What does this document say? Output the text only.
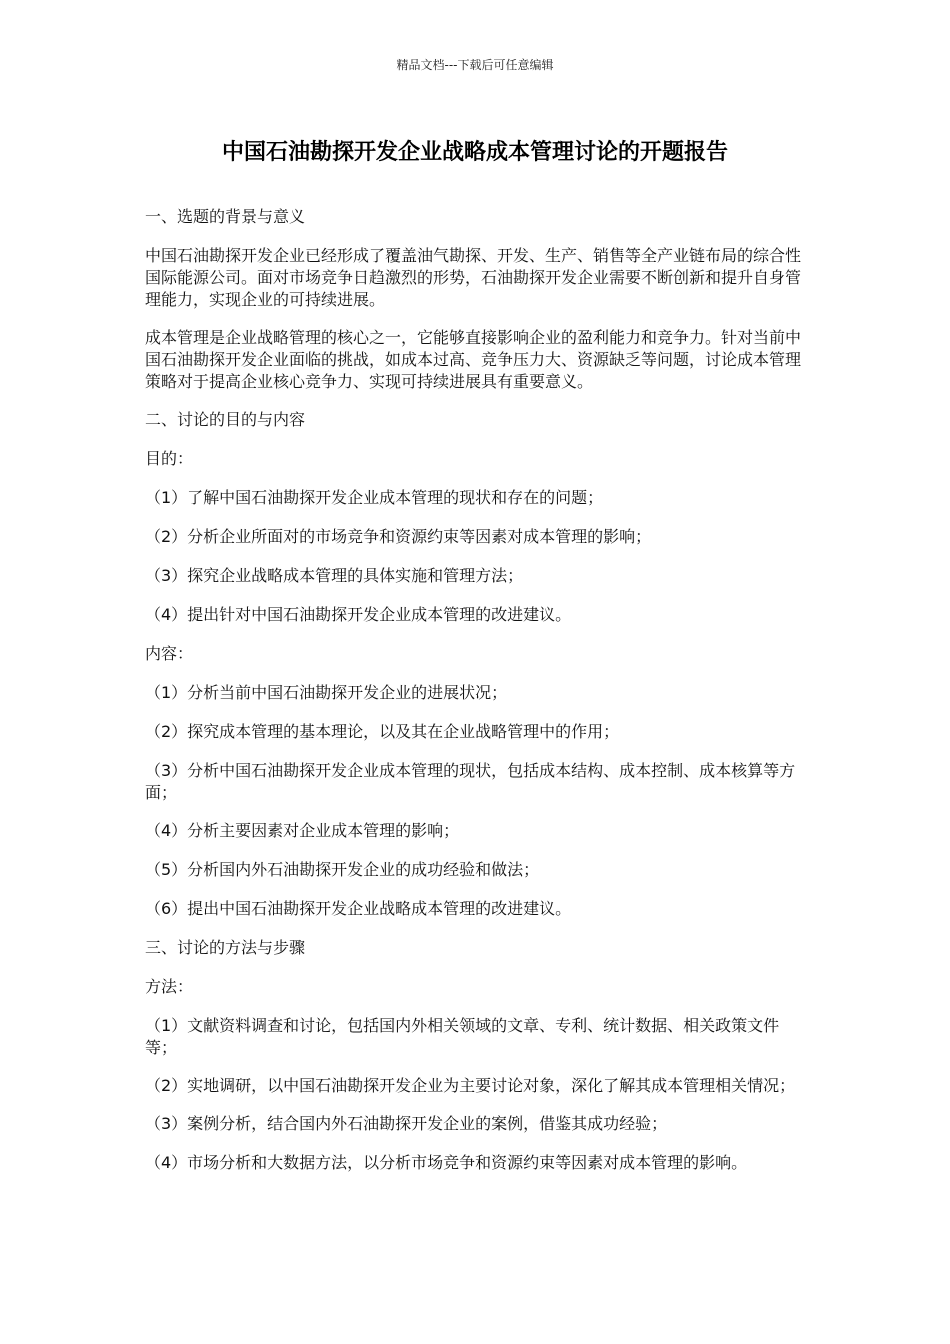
精品文档---下载后可任意编辑
中国石油勘探开发企业战略成本管理讨论的开题报告

一、选题的背景与意义

中国石油勘探开发企业已经形成了覆盖油气勘探、开发、生产、销售等全产业链布局的综合性国际能源公司。面对市场竞争日趋激烈的形势，石油勘探开发企业需要不断创新和提升自身管理能力，实现企业的可持续进展。

成本管理是企业战略管理的核心之一，它能够直接影响企业的盈利能力和竞争力。针对当前中国石油勘探开发企业面临的挑战，如成本过高、竞争压力大、资源缺乏等问题，讨论成本管理策略对于提高企业核心竞争力、实现可持续进展具有重要意义。

二、讨论的目的与内容

目的：

（1）了解中国石油勘探开发企业成本管理的现状和存在的问题；

（2）分析企业所面对的市场竞争和资源约束等因素对成本管理的影响；

（3）探究企业战略成本管理的具体实施和管理方法；

（4）提出针对中国石油勘探开发企业成本管理的改进建议。

内容：

（1）分析当前中国石油勘探开发企业的进展状况；

（2）探究成本管理的基本理论，以及其在企业战略管理中的作用；

（3）分析中国石油勘探开发企业成本管理的现状，包括成本结构、成本控制、成本核算等方面；

（4）分析主要因素对企业成本管理的影响；

（5）分析国内外石油勘探开发企业的成功经验和做法；

（6）提出中国石油勘探开发企业战略成本管理的改进建议。

三、讨论的方法与步骤

方法：

（1）文献资料调查和讨论，包括国内外相关领域的文章、专利、统计数据、相关政策文件等；

（2）实地调研，以中国石油勘探开发企业为主要讨论对象，深化了解其成本管理相关情况；

（3）案例分析，结合国内外石油勘探开发企业的案例，借鉴其成功经验；

（4）市场分析和大数据方法，以分析市场竞争和资源约束等因素对成本管理的影响。
